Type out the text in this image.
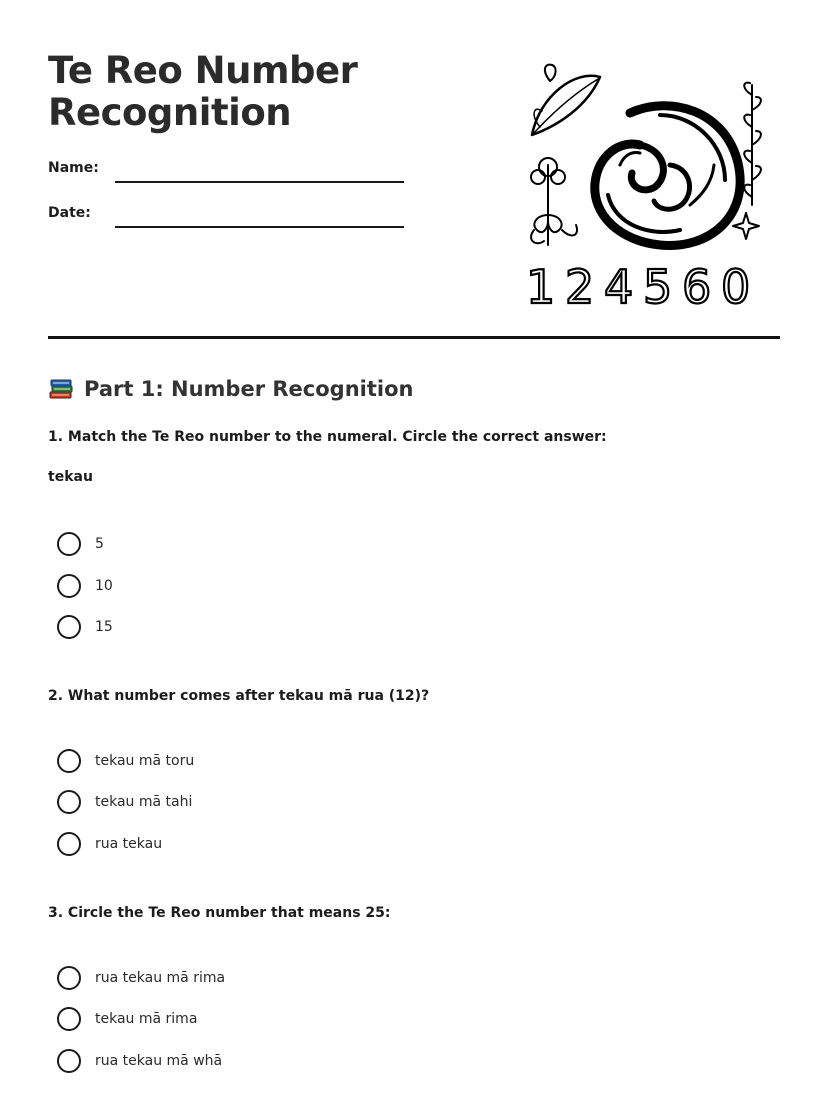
Te Reo Number
Recognition
Name:
Date:
1 2 4 5 6 0
Part 1: Number Recognition
1. Match the Te Reo number to the numeral. Circle the correct answer:
tekau
5
10
15
2. What number comes after tekau mā rua (12)?
tekau mā toru
tekau mā tahi
rua tekau
3. Circle the Te Reo number that means 25:
rua tekau mā rima
tekau mā rima
rua tekau mā whā
